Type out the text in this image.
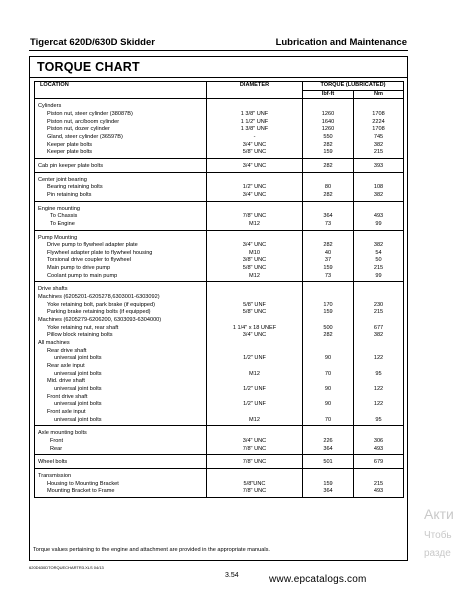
Tigercat 620D/630D Skidder	Lubrication and Maintenance
TORQUE CHART
LOCATION	DIAMETER	TORQUE (LUBRICATED)	
		lbf-ft	Nm
Cylinders			
Piston nut, steer cylinder (38087B)	1 3/8" UNF	1260	1708
Piston nut, arc/boom cylinder	1 1/2" UNF	1640	2224
Piston nut, dozer cylinder	1 3/8" UNF	1260	1708
Gland, steer cylinder (36597B)	-	550	745
Keeper plate bolts	3/4" UNC	282	382
Keeper plate bolts	5/8" UNC	159	215
Cab pin keeper plate bolts	3/4" UNC	282	393
Center joint bearing			
Bearing retaining bolts	1/2" UNC	80	108
Pin retaining bolts	3/4" UNC	282	382
Engine mounting			
To Chassis	7/8" UNC	364	493
To Engine	M12	73	99
Pump Mounting			
Drive pump to flywheel adapter plate	3/4" UNC	282	382
Flywheel adapter plate to flywheel housing	M10	40	54
Torsional drive coupler to flywheel	3/8" UNC	37	50
Main pump to drive pump	5/8" UNC	159	215
Coolant pump to main pump	M12	73	99
Drive shafts			
Machines (6205201-6205278,6303001-6303092)			
Yoke retaining bolt, park brake (if equipped)	5/8" UNF	170	230
Parking brake retaining bolts (if equipped)	5/8" UNC	159	215
Machines (6205279-6206200, 6303093-6304000)			
Yoke retaining nut, rear shaft	1 1/4" x 18 UNEF	500	677
Pillow block retaining bolts	3/4" UNC	282	382
All machines			
Rear drive shaft			
universal joint bolts	1/2" UNF	90	122
Rear axle input			
universal joint bolts	M12	70	95
Mid. drive shaft			
universal joint bolts	1/2" UNF	90	122
Front drive shaft			
universal joint bolts	1/2" UNF	90	122
Front axle input			
universal joint bolts	M12	70	95
Axle mounting bolts			
Front	3/4" UNC	226	306
Rear	7/8" UNC	364	493
Wheel bolts	7/8" UNC	501	679
Transmission			
Housing to Mounting Bracket	5/8"UNC	159	215
Mounting Bracket to Frame	7/8" UNC	364	493
Torque values pertaining to the engine and attachment are provided in the appropriate manuals.
620D630DTORQUECHARTR3.XLS 04/13
3.54	www.epcatalogs.com
Акти
Чтобь
разде
